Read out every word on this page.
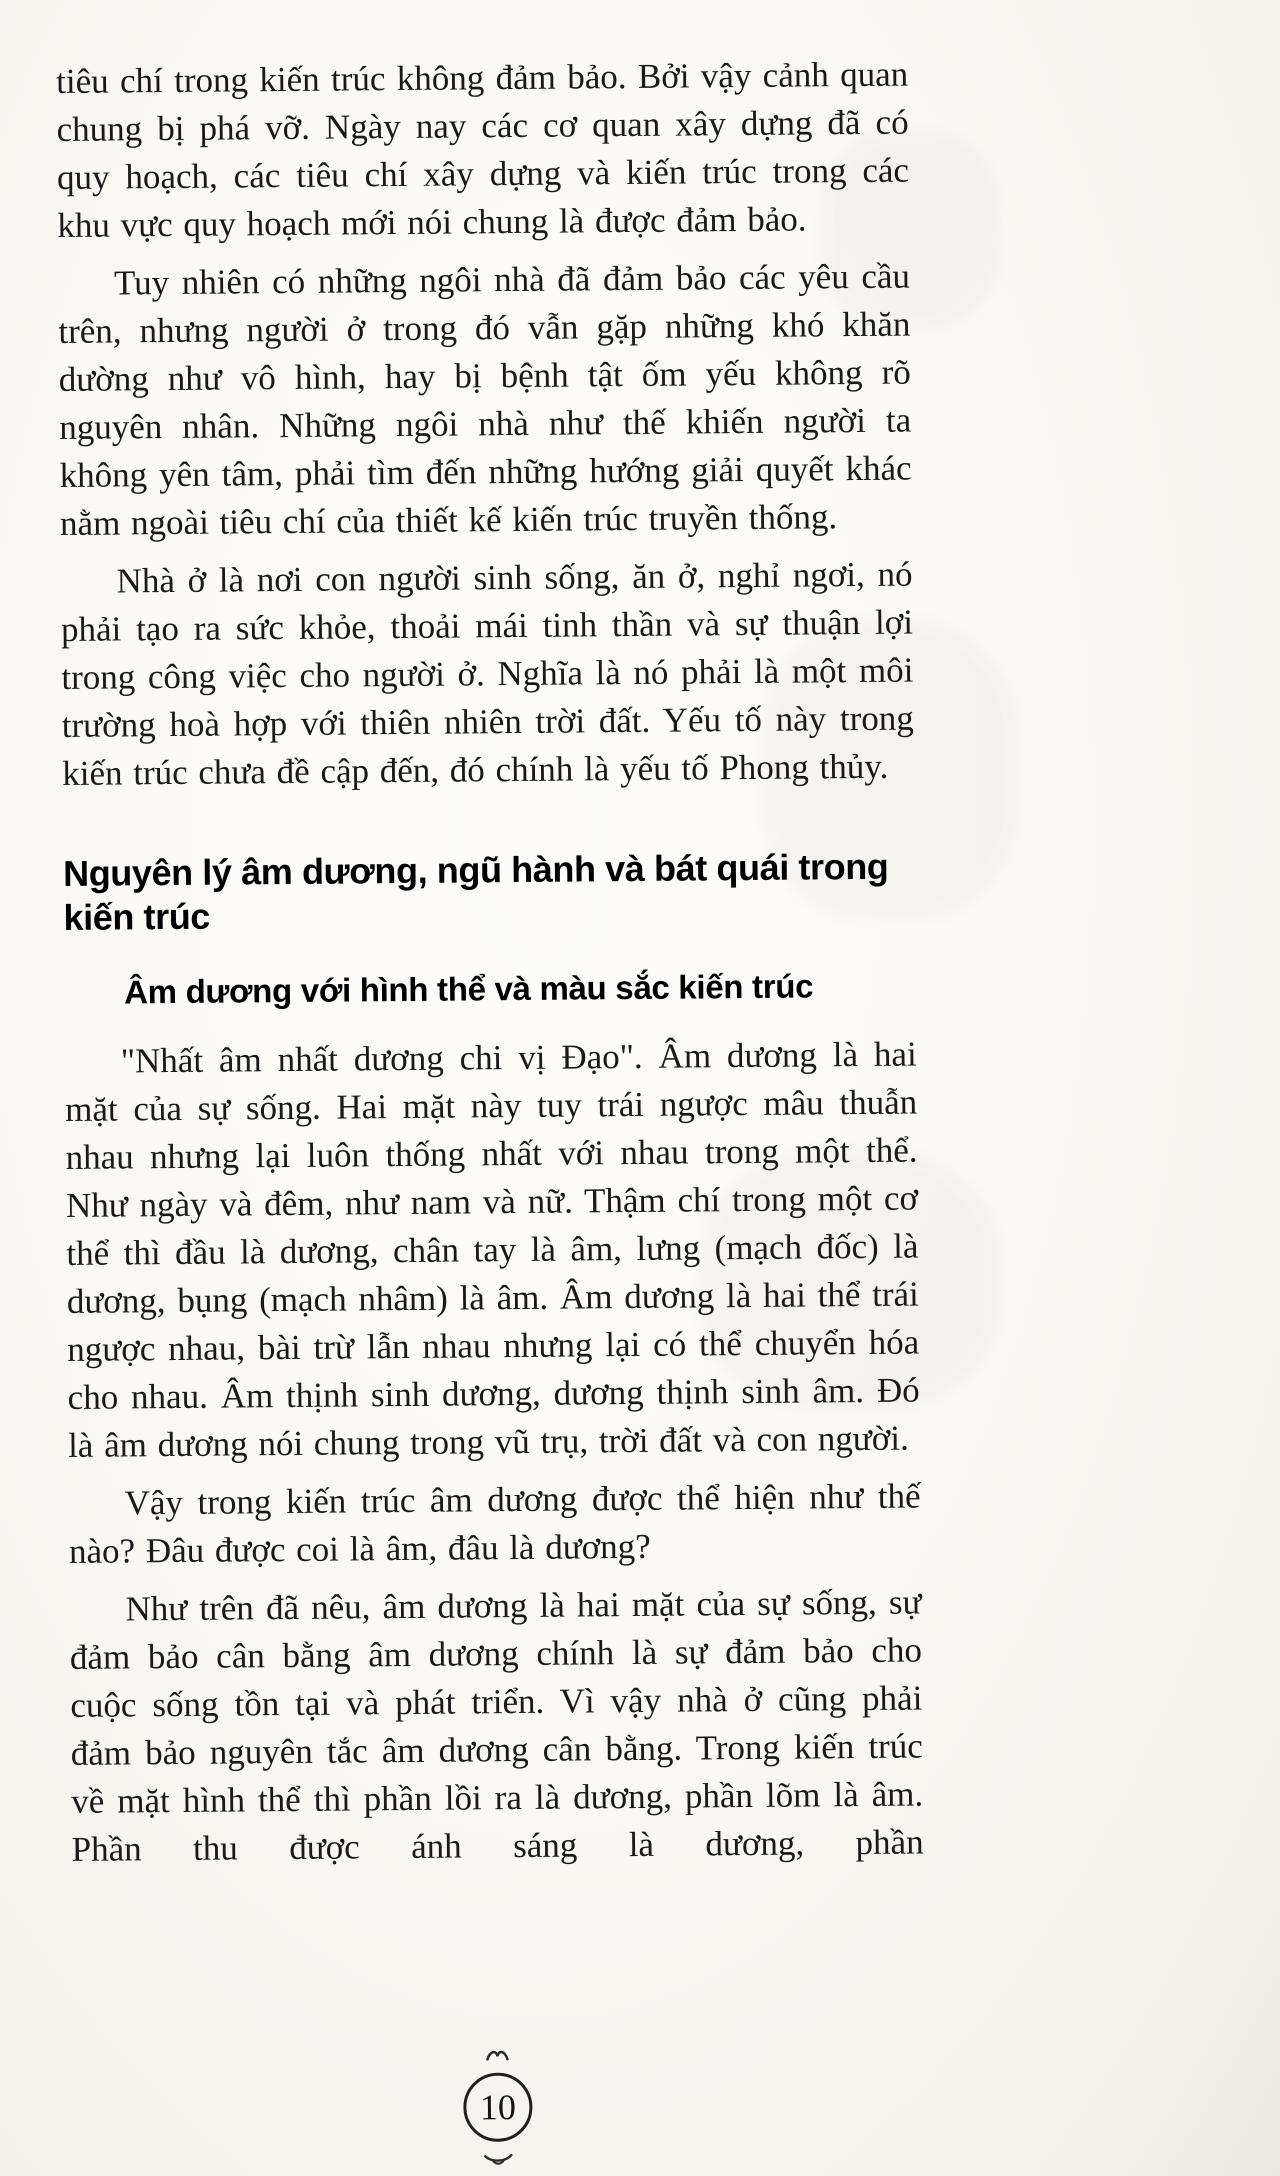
tiêu chí trong kiến trúc không đảm bảo. Bởi vậy cảnh quan chung bị phá vỡ. Ngày nay các cơ quan xây dựng đã có quy hoạch, các tiêu chí xây dựng và kiến trúc trong các khu vực quy hoạch mới nói chung là được đảm bảo.

Tuy nhiên có những ngôi nhà đã đảm bảo các yêu cầu trên, nhưng người ở trong đó vẫn gặp những khó khăn dường như vô hình, hay bị bệnh tật ốm yếu không rõ nguyên nhân. Những ngôi nhà như thế khiến người ta không yên tâm, phải tìm đến những hướng giải quyết khác nằm ngoài tiêu chí của thiết kế kiến trúc truyền thống.

Nhà ở là nơi con người sinh sống, ăn ở, nghỉ ngơi, nó phải tạo ra sức khỏe, thoải mái tinh thần và sự thuận lợi trong công việc cho người ở. Nghĩa là nó phải là một môi trường hoà hợp với thiên nhiên trời đất. Yếu tố này trong kiến trúc chưa đề cập đến, đó chính là yếu tố Phong thủy.

Nguyên lý âm dương, ngũ hành và bát quái trong kiến trúc
Âm dương với hình thể và màu sắc kiến trúc

"Nhất âm nhất dương chi vị Đạo". Âm dương là hai mặt của sự sống. Hai mặt này tuy trái ngược mâu thuẫn nhau nhưng lại luôn thống nhất với nhau trong một thể. Như ngày và đêm, như nam và nữ. Thậm chí trong một cơ thể thì đầu là dương, chân tay là âm, lưng (mạch đốc) là dương, bụng (mạch nhâm) là âm. Âm dương là hai thể trái ngược nhau, bài trừ lẫn nhau nhưng lại có thể chuyển hóa cho nhau. Âm thịnh sinh dương, dương thịnh sinh âm. Đó là âm dương nói chung trong vũ trụ, trời đất và con người.

Vậy trong kiến trúc âm dương được thể hiện như thế nào? Đâu được coi là âm, đâu là dương?

Như trên đã nêu, âm dương là hai mặt của sự sống, sự đảm bảo cân bằng âm dương chính là sự đảm bảo cho cuộc sống tồn tại và phát triển. Vì vậy nhà ở cũng phải đảm bảo nguyên tắc âm dương cân bằng. Trong kiến trúc về mặt hình thể thì phần lồi ra là dương, phần lõm là âm. Phần thu được ánh sáng là dương, phần

10
